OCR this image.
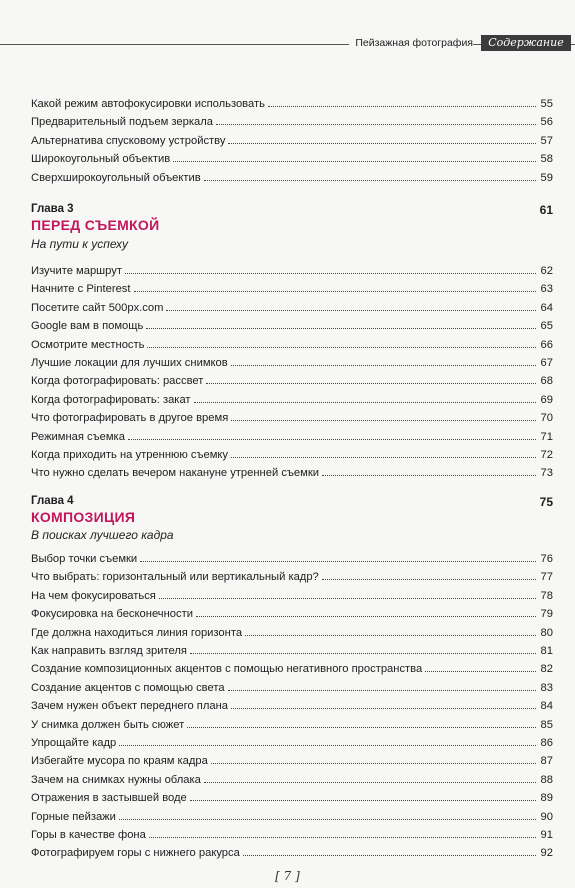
Пейзажная фотография	Содержание
Глава 3	61
ПЕРЕД СЪЕМКОЙ
На пути к успеху
Глава 4	75
КОМПОЗИЦИЯ
В поисках лучшего кадра
Какой режим автофокусировки использовать	55
Предварительный подъем зеркала	56
Альтернатива спусковому устройству	57
Широкоугольный объектив	58
Сверхширокоугольный объектив	59
Изучите маршрут	62
Начните с Pinterest	63
Посетите сайт 500px.com	64
Google вам в помощь	65
Осмотрите местность	66
Лучшие локации для лучших снимков	67
Когда фотографировать: рассвет	68
Когда фотографировать: закат	69
Что фотографировать в другое время	70
Режимная съемка	71
Когда приходить на утреннюю съемку	72
Что нужно сделать вечером накануне утренней съемки	73
Выбор точки съемки	76
Что выбрать: горизонтальный или вертикальный кадр?	77
На чем фокусироваться	78
Фокусировка на бесконечности	79
Где должна находиться линия горизонта	80
Как направить взгляд зрителя	81
Создание композиционных акцентов с помощью негативного пространства	82
Создание акцентов с помощью света	83
Зачем нужен объект переднего плана	84
У снимка должен быть сюжет	85
Упрощайте кадр	86
Избегайте мусора по краям кадра	87
Зачем на снимках нужны облака	88
Отражения в застывшей воде	89
Горные пейзажи	90
Горы в качестве фона	91
Фотографируем горы с нижнего ракурса	92
[ 7 ]
